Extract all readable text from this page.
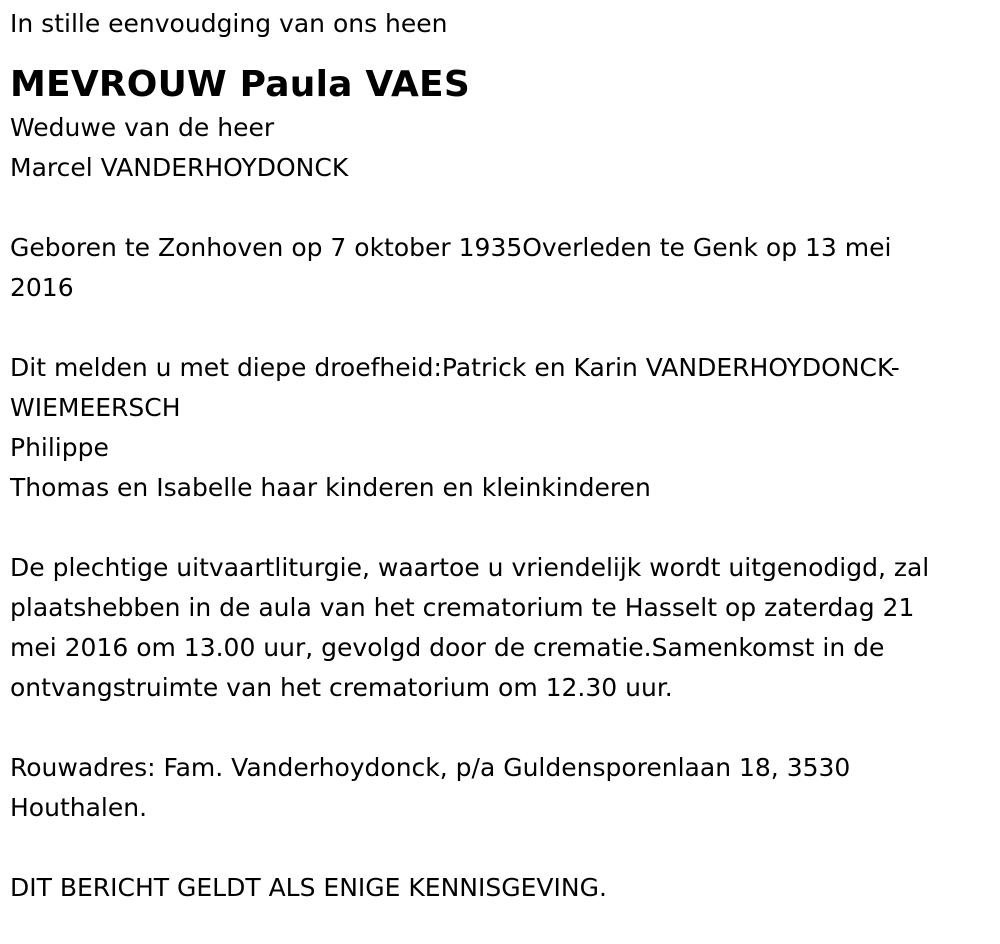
In stille eenvoudging van ons heen

MEVROUW Paula VAES

Weduwe van de heer

Marcel VANDERHOYDONCK

Geboren te Zonhoven op 7 oktober 1935Overleden te Genk op 13 mei

2016

Dit melden u met diepe droefheid:Patrick en Karin VANDERHOYDONCK-

WIEMEERSCH

Philippe

Thomas en Isabelle haar kinderen en kleinkinderen

De plechtige uitvaartliturgie, waartoe u vriendelijk wordt uitgenodigd, zal

plaatshebben in de aula van het crematorium te Hasselt op zaterdag 21

mei 2016 om 13.00 uur, gevolgd door de crematie.Samenkomst in de

ontvangstruimte van het crematorium om 12.30 uur.

Rouwadres: Fam. Vanderhoydonck, p/a Guldensporenlaan 18, 3530

Houthalen.

DIT BERICHT GELDT ALS ENIGE KENNISGEVING.
